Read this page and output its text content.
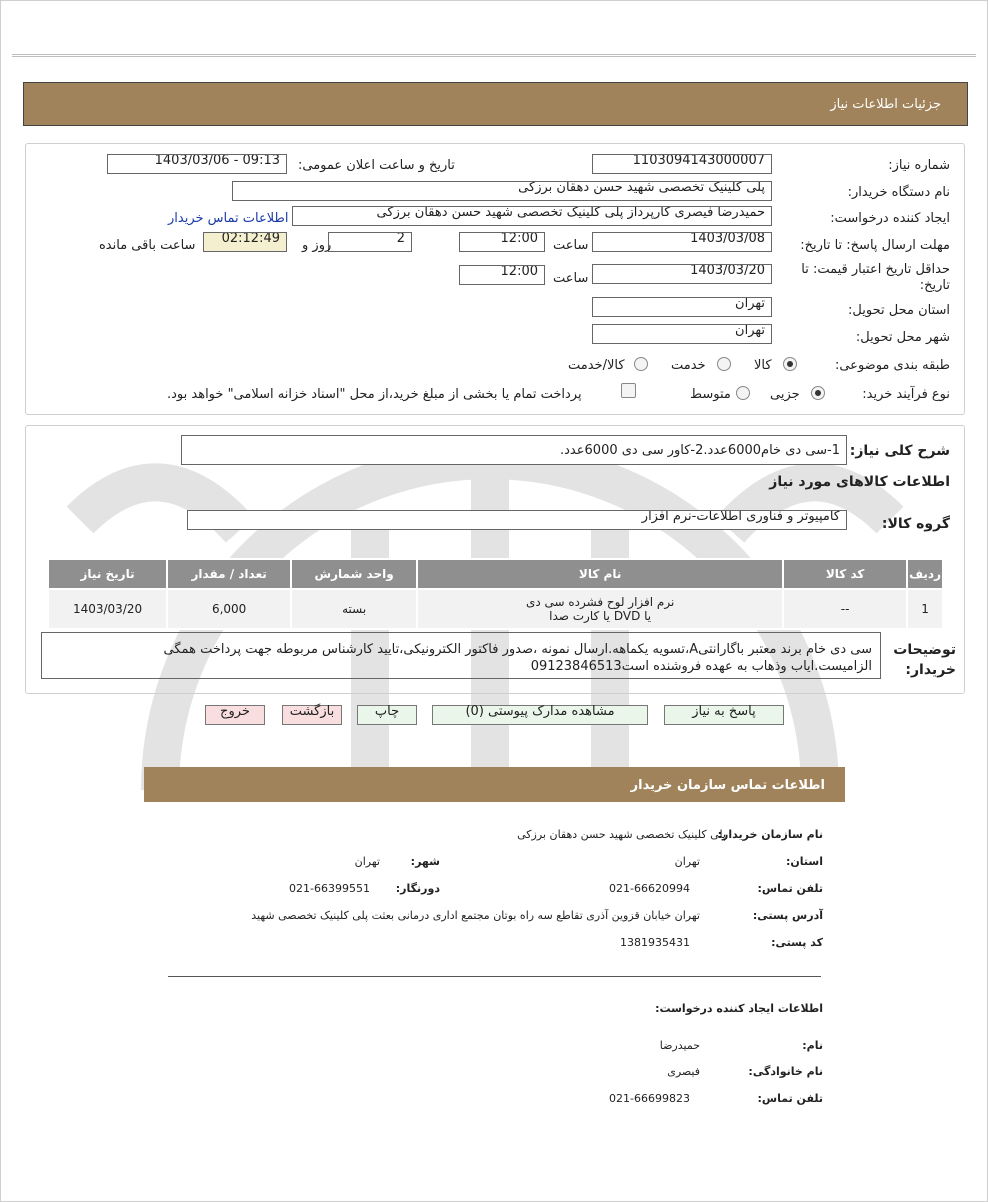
جزئیات اطلاعات نیاز
شماره نیاز:
1103094143000007
تاریخ و ساعت اعلان عمومی:
1403/03/06 - 09:13
نام دستگاه خریدار:
پلی کلینیک تخصصی شهید حسن دهقان برزکی
ایجاد کننده درخواست:
حمیدرضا فیصری کارپرداز پلی کلینیک تخصصی شهید حسن دهقان برزکی
اطلاعات تماس خریدار
مهلت ارسال پاسخ: تا تاریخ:
1403/03/08
ساعت
12:00
2
روز و
02:12:49
ساعت باقی مانده
حداقل تاریخ اعتبار قیمت: تا تاریخ:
1403/03/20
ساعت
12:00
استان محل تحویل:
تهران
شهر محل تحویل:
تهران
طبقه بندی موضوعی:
کالا
خدمت
کالا/خدمت
نوع فرآیند خرید:
جزیی
متوسط
پرداخت تمام یا بخشی از مبلغ خرید،از محل "اسناد خزانه اسلامی" خواهد بود.
شرح کلی نیاز:
1-سی دی خام6000عدد.2-کاور سی دی 6000عدد.
اطلاعات کالاهای مورد نیاز
گروه کالا:
کامپیوتر و فناوری اطلاعات-نرم افزار
ردیف	کد کالا	نام کالا	واحد شمارش	تعداد / مقدار	تاریخ نیاز
1	--	نرم افزار لوح فشرده سی دی
یا DVD یا کارت صدا	بسته	6,000	1403/03/20
توضیحات خریدار:
سی دی خام برند معتبر باگارانتیA،تسویه یکماهه.ارسال نمونه ،صدور فاکتور الکترونیکی،تایید کارشناس مربوطه جهت پرداخت همگی
الزامیست.ایاب وذهاب به عهده فروشنده است09123846513
پاسخ به نیاز
مشاهده مدارک پیوستی (0)
چاپ
بازگشت
خروج
اطلاعات تماس سازمان خریدار
نام سازمان خریدار:
پلی کلینیک تخصصی شهید حسن دهقان برزکی
استان:
تهران
شهر:
تهران
تلفن تماس:
021-66620994
دورنگار:
021-66399551
آدرس پستی:
تهران خیابان قزوین آذری تقاطع سه راه بوتان مجتمع اداری درمانی بعثت پلی کلینیک تخصصی شهید
کد پستی:
1381935431
اطلاعات ایجاد کننده درخواست:
نام:
حمیدرضا
نام خانوادگی:
فیصری
تلفن تماس:
021-66699823
